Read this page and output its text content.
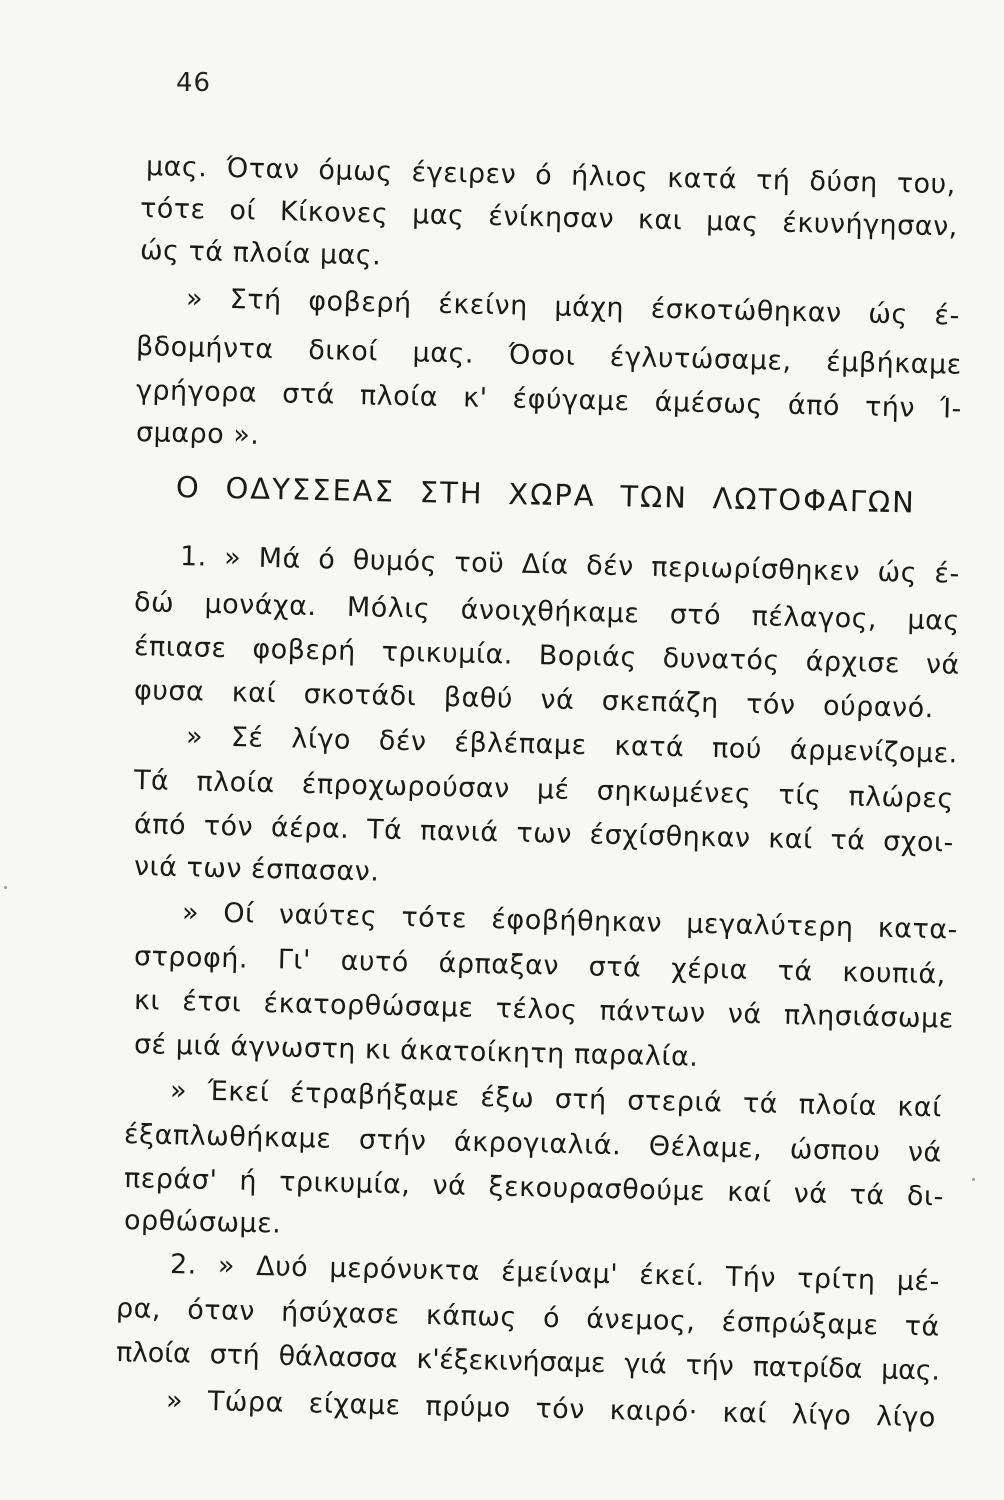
46
μας. Όταν όμως έγειρεν ό ήλιος κατά τή δύση του,
τότε οί Κίκονες μας ένίκησαν και μας έκυνήγησαν,
ώς τά πλοία μας.
» Στή φοβερή έκείνη μάχη έσκοτώθηκαν ώς έ-
βδομήντα δικοί μας. Όσοι έγλυτώσαμε, έμβήκαμε
γρήγορα στά πλοία κ' έφύγαμε άμέσως άπό τήν Ί-
σμαρο ».
Ο ΟΔΥΣΣΕΑΣ ΣΤΗ ΧΩΡΑ ΤΩΝ ΛΩΤΟΦΑΓΩΝ
1. » Μά ό θυμός τοϋ Δία δέν περιωρίσθηκεν ώς έ-
δώ μονάχα. Μόλις άνοιχθήκαμε στό πέλαγος, μας
έπιασε φοβερή τρικυμία. Βοριάς δυνατός άρχισε νά
φυσα καί σκοτάδι βαθύ νά σκεπάζη τόν ούρανό.
» Σέ λίγο δέν έβλέπαμε κατά πού άρμενίζομε.
Τά πλοία έπροχωρούσαν μέ σηκωμένες τίς πλώρες
άπό τόν άέρα. Τά πανιά των έσχίσθηκαν καί τά σχοι-
νιά των έσπασαν.
» Οί ναύτες τότε έφοβήθηκαν μεγαλύτερη κατα-
στροφή. Γι' αυτό άρπαξαν στά χέρια τά κουπιά,
κι έτσι έκατορθώσαμε τέλος πάντων νά πλησιάσωμε
σέ μιά άγνωστη κι άκατοίκητη παραλία.
» Έκεί έτραβήξαμε έξω στή στεριά τά πλοία καί
έξαπλωθήκαμε στήν άκρογιαλιά. Θέλαμε, ώσπου νά
περάσ' ή τρικυμία, νά ξεκουρασθούμε καί νά τά δι-
ορθώσωμε.
2. » Δυό μερόνυκτα έμείναμ' έκεί. Τήν τρίτη μέ-
ρα, όταν ήσύχασε κάπως ό άνεμος, έσπρώξαμε τά
πλοία στή θάλασσα κ'έξεκινήσαμε γιά τήν πατρίδα μας.
» Τώρα είχαμε πρύμο τόν καιρό· καί λίγο λίγο
